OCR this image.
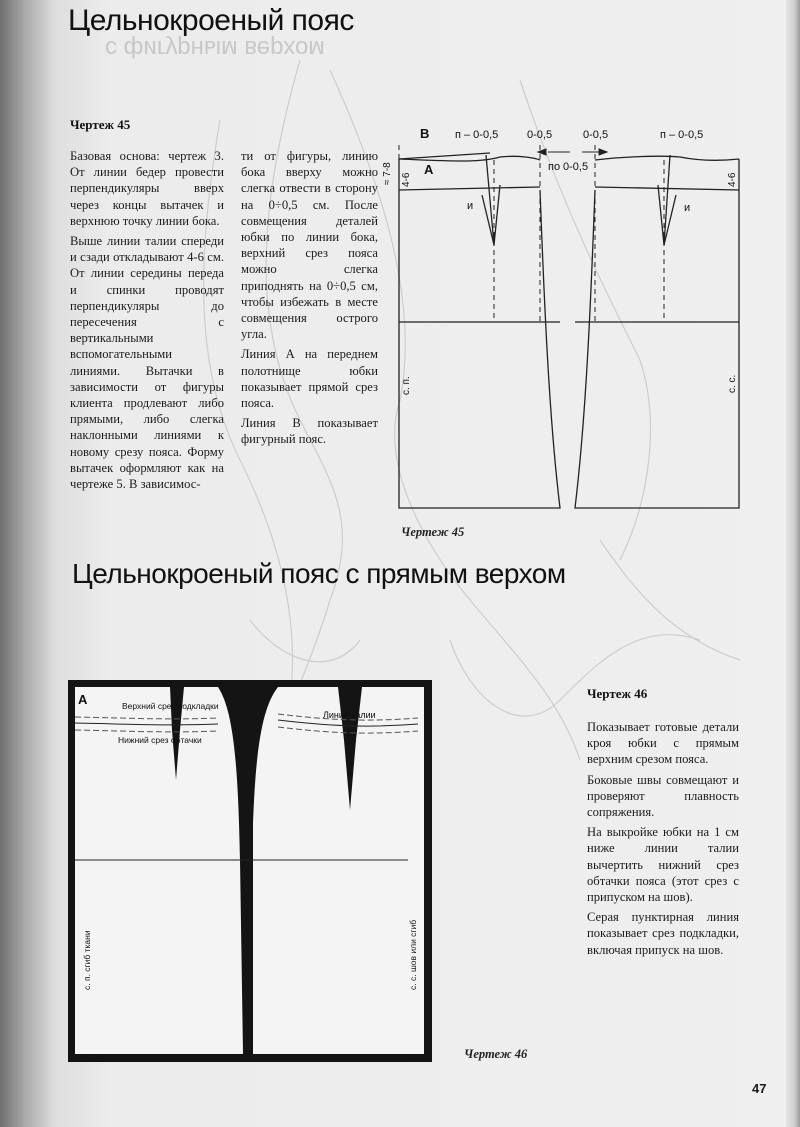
с фигурным верхом
Цельнокроеный пояс

Чертеж 45

Базовая основа: чертеж 3. От линии бедер провести перпендикуляры вверх через концы вытачек и верхнюю точку линии бока.

Выше линии талии спереди и сзади откладывают 4-6 см. От линии середины переда и спинки проводят перпендикуляры до пересечения с вертикальными вспомогательными линиями. Вытачки в зависимости от фигуры клиента продлевают либо прямыми, либо слегка наклонными линиями к новому срезу пояса. Форму вытачек оформляют как на чертеже 5. В зависимос-

ти от фигуры, линию бока вверху можно слегка отвести в сторону на 0÷0,5 см. После совмещения деталей юбки по линии бока, верхний срез пояса можно слегка приподнять на 0÷0,5 см, чтобы избежать в месте совмещения острого угла.

Линия А на переднем полотнище юбки показывает прямой срез пояса.

Линия В показывает фигурный пояс.

В
А
п – 0-0,5	0-0,5	0-0,5	п – 0-0,5
по 0-0,5
и	и
≈ 7-8 4-6	4-6
с. п.	с. с.

Чертеж 45

Цельнокроеный пояс с прямым верхом
А	Верхний срез подкладки
Линия талии
Нижний срез обтачки
с. п. сгиб ткани	с. с. шов или сгиб

Чертеж 46

Чертеж 46

Показывает готовые детали кроя юбки с прямым верхним срезом пояса.

Боковые швы совмещают и проверяют плавность сопряжения.

На выкройке юбки на 1 см ниже линии талии вычертить нижний срез обтачки пояса (этот срез с припуском на шов).

Серая пунктирная линия показывает срез подкладки, включая припуск на шов.

47
